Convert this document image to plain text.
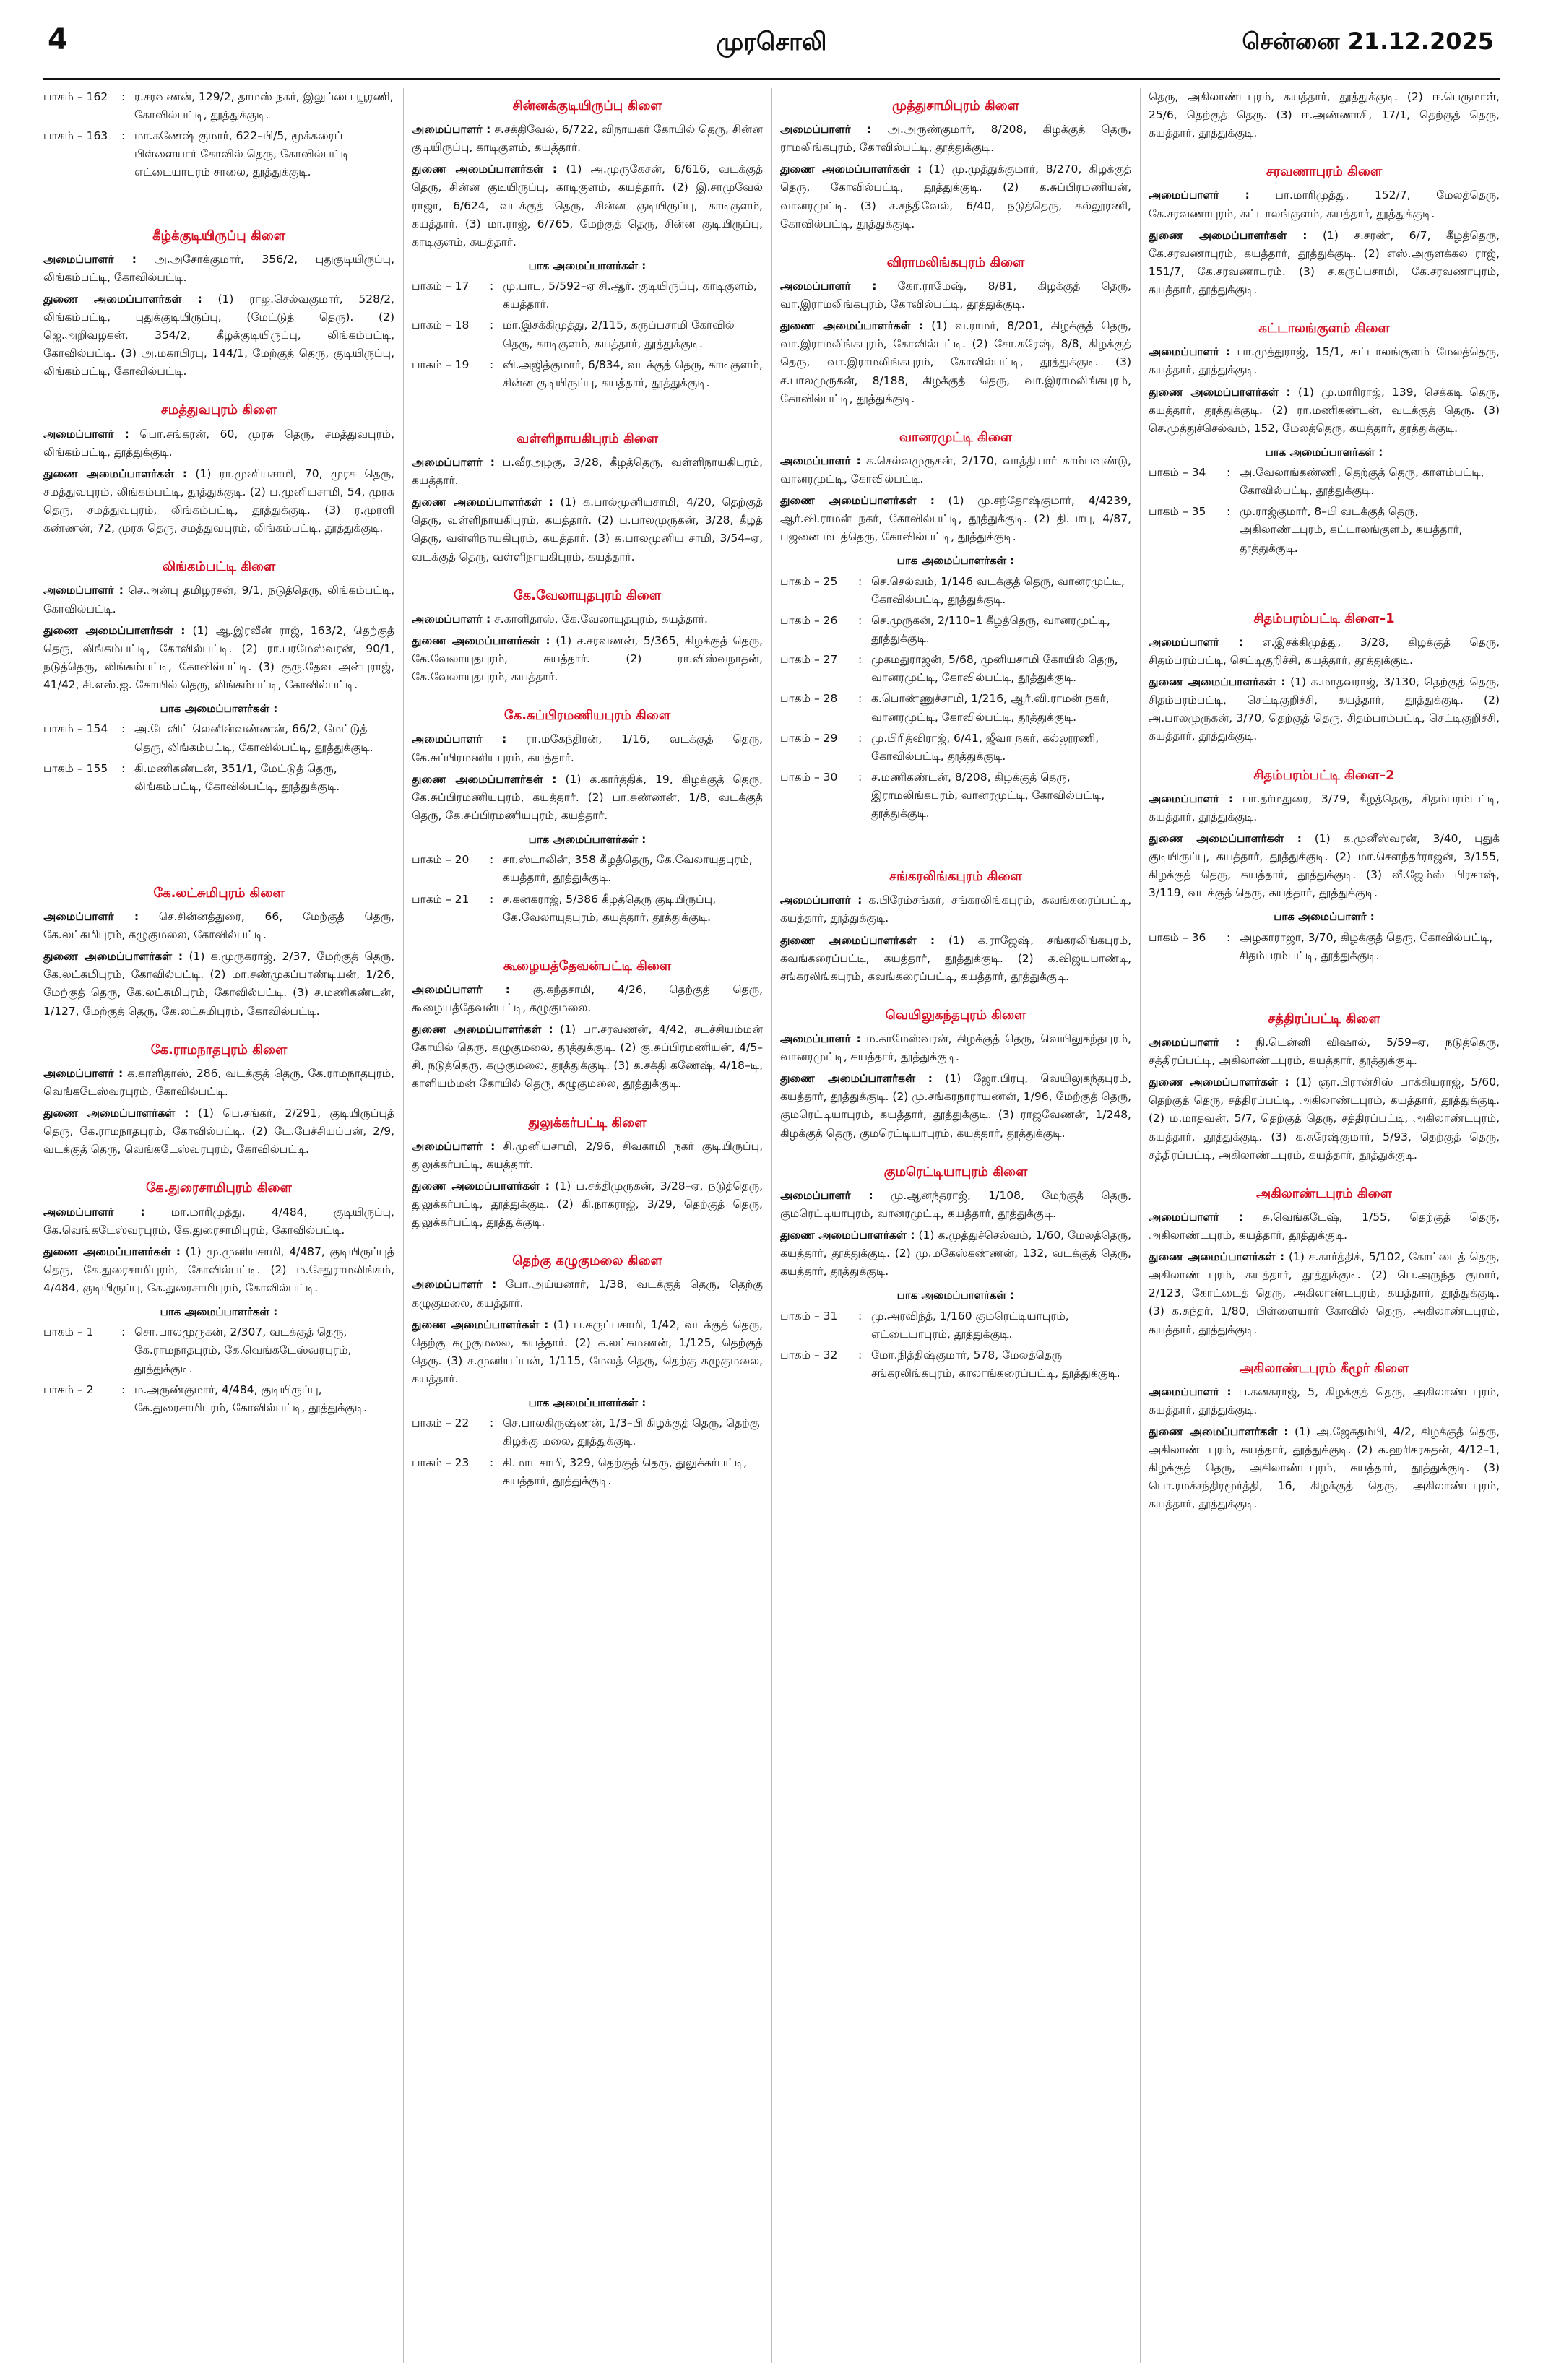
4	முரசொலி	சென்னை 21.12.2025
பாகம் – 162	: ர.சரவணன், 129/2, தாமஸ் நகர், இலுப்பை யூரணி, கோவில்பட்டி, தூத்துக்குடி.
பாகம் – 163	: மா.கணேஷ் குமார், 622–பி/5, மூக்கரைப் பிள்ளையார் கோவில் தெரு, கோவில்பட்டி எட்டையாபுரம் சாலை, தூத்துக்குடி.
கீழ்க்குடியிருப்பு கிளை

அமைப்பாளர் : அ.அசோக்குமார், 356/2, புதுகுடியிருப்பு, லிங்கம்பட்டி, கோவில்பட்டி.

துணை அமைப்பாளர்கள் : (1) ராஜ.செல்வகுமார், 528/2, லிங்கம்பட்டி, புதுக்குடியிருப்பு, (மேட்டுத் தெரு). (2) ஜெ.அறிவழகன், 354/2, கீழக்குடியிருப்பு, லிங்கம்பட்டி, கோவில்பட்டி. (3) அ.மகாபிரபு, 144/1, மேற்குத் தெரு, குடியிருப்பு, லிங்கம்பட்டி, கோவில்பட்டி.

சமத்துவபுரம் கிளை

அமைப்பாளர் : பொ.சங்கரன், 60, முரசு தெரு, சமத்துவபுரம், லிங்கம்பட்டி, தூத்துக்குடி.

துணை அமைப்பாளர்கள் : (1) ரா.முனியசாமி, 70, முரசு தெரு, சமத்துவபுரம், லிங்கம்பட்டி, தூத்துக்குடி. (2) ப.முனியசாமி, 54, முரசு தெரு, சமத்துவபுரம், லிங்கம்பட்டி, தூத்துக்குடி. (3) ர.முரளி கண்ணன், 72, முரசு தெரு, சமத்துவபுரம், லிங்கம்பட்டி, தூத்துக்குடி.

லிங்கம்பட்டி கிளை

அமைப்பாளர் : செ.அன்பு தமிழரசன், 9/1, நடுத்தெரு, லிங்கம்பட்டி, கோவில்பட்டி.

துணை அமைப்பாளர்கள் : (1) ஆ.இரவீன் ராஜ், 163/2, தெற்குத் தெரு, லிங்கம்பட்டி, கோவில்பட்டி. (2) ரா.பரமேஸ்வரன், 90/1, நடுத்தெரு, லிங்கம்பட்டி, கோவில்பட்டி. (3) குரு.தேவ அன்புராஜ், 41/42, சி.எஸ்.ஐ. கோயில் தெரு, லிங்கம்பட்டி, கோவில்பட்டி.

பாக அமைப்பாளர்கள் :
பாகம் – 154	: அ.டேவிட் லெனின்வண்ணன், 66/2, மேட்டுத் தெரு, லிங்கம்பட்டி, கோவில்பட்டி, தூத்துக்குடி.
பாகம் – 155	: கி.மணிகண்டன், 351/1, மேட்டுத் தெரு, லிங்கம்பட்டி, கோவில்பட்டி, தூத்துக்குடி.
கே.லட்சுமிபுரம் கிளை

அமைப்பாளர் : செ.சின்னத்துரை, 66, மேற்குத் தெரு, கே.லட்சுமிபுரம், கழுகுமலை, கோவில்பட்டி.

துணை அமைப்பாளர்கள் : (1) க.முருகராஜ், 2/37, மேற்குத் தெரு, கே.லட்சுமிபுரம், கோவில்பட்டி. (2) மா.சண்முகப்பாண்டியன், 1/26, மேற்குத் தெரு, கே.லட்சுமிபுரம், கோவில்பட்டி. (3) ச.மணிகண்டன், 1/127, மேற்குத் தெரு, கே.லட்சுமிபுரம், கோவில்பட்டி.

கே.ராமநாதபுரம் கிளை

அமைப்பாளர் : க.காளிதாஸ், 286, வடக்குத் தெரு, கே.ராமநாதபுரம், வெங்கடேஸ்வரபுரம், கோவில்பட்டி.

துணை அமைப்பாளர்கள் : (1) பெ.சங்கர், 2/291, குடியிருப்புத் தெரு, கே.ராமநாதபுரம், கோவில்பட்டி. (2) டே.பேச்சியப்பன், 2/9, வடக்குத் தெரு, வெங்கடேஸ்வரபுரம், கோவில்பட்டி.

கே.துரைசாமிபுரம் கிளை

அமைப்பாளர் : மா.மாரிமுத்து, 4/484, குடியிருப்பு, கே.வெங்கடேஸ்வரபுரம், கே.துரைசாமிபுரம், கோவில்பட்டி.

துணை அமைப்பாளர்கள் : (1) மு.முனியசாமி, 4/487, குடியிருப்புத் தெரு, கே.துரைசாமிபுரம், கோவில்பட்டி. (2) ம.சேதுராமலிங்கம், 4/484, குடியிருப்பு, கே.துரைசாமிபுரம், கோவில்பட்டி.

பாக அமைப்பாளர்கள் :
பாகம் – 1	: சொ.பாலமுருகன், 2/307, வடக்குத் தெரு, கே.ராமநாதபுரம், கே.வெங்கடேஸ்வரபுரம், தூத்துக்குடி.
பாகம் – 2	: ம.அருண்குமார், 4/484, குடியிருப்பு, கே.துரைசாமிபுரம், கோவில்பட்டி, தூத்துக்குடி.
சின்னக்குடியிருப்பு கிளை

அமைப்பாளர் : ச.சக்திவேல், 6/722, விநாயகர் கோயில் தெரு, சின்ன குடியிருப்பு, காடிகுளம், கயத்தார்.

துணை அமைப்பாளர்கள் : (1) அ.முருகேசன், 6/616, வடக்குத் தெரு, சின்ன குடியிருப்பு, காடிகுளம், கயத்தார். (2) இ.சாமுவேல் ராஜா, 6/624, வடக்குத் தெரு, சின்ன குடியிருப்பு, காடிகுளம், கயத்தார். (3) மா.ராஜ், 6/765, மேற்குத் தெரு, சின்ன குடியிருப்பு, காடிகுளம், கயத்தார்.

பாக அமைப்பாளர்கள் :
பாகம் – 17	: மு.பாபு, 5/592–ஏ சி.ஆர். குடியிருப்பு, காடிகுளம், கயத்தார்.
பாகம் – 18	: மா.இசக்கிமுத்து, 2/115, கருப்பசாமி கோவில் தெரு, காடிகுளம், கயத்தார், தூத்துக்குடி.
பாகம் – 19	: வி.அஜித்குமார், 6/834, வடக்குத் தெரு, காடிகுளம், சின்ன குடியிருப்பு, கயத்தார், தூத்துக்குடி.
வள்ளிநாயகிபுரம் கிளை

அமைப்பாளர் : ப.வீரஅழகு, 3/28, கீழத்தெரு, வள்ளிநாயகிபுரம், கயத்தார்.

துணை அமைப்பாளர்கள் : (1) க.பால்முனியசாமி, 4/20, தெற்குத் தெரு, வள்ளிநாயகிபுரம், கயத்தார். (2) ப.பாலமுருகன், 3/28, கீழத் தெரு, வள்ளிநாயகிபுரம், கயத்தார். (3) க.பாலமுனிய சாமி, 3/54–ஏ, வடக்குத் தெரு, வள்ளிநாயகிபுரம், கயத்தார்.

கே.வேலாயுதபுரம் கிளை

அமைப்பாளர் : ச.காளிதாஸ், கே.வேலாயுதபுரம், கயத்தார்.

துணை அமைப்பாளர்கள் : (1) ச.சரவணன், 5/365, கிழக்குத் தெரு, கே.வேலாயுதபுரம், கயத்தார். (2) ரா.விஸ்வநாதன், கே.வேலாயுதபுரம், கயத்தார்.

கே.சுப்பிரமணியபுரம் கிளை

அமைப்பாளர் : ரா.மகேந்திரன், 1/16, வடக்குத் தெரு, கே.சுப்பிரமணியபுரம், கயத்தார்.

துணை அமைப்பாளர்கள் : (1) க.கார்த்திக், 19, கிழக்குத் தெரு, கே.சுப்பிரமணியபுரம், கயத்தார். (2) பா.சுண்ணன், 1/8, வடக்குத் தெரு, கே.சுப்பிரமணியபுரம், கயத்தார்.

பாக அமைப்பாளர்கள் :
பாகம் – 20	: சா.ஸ்டாலின், 358 கீழத்தெரு, கே.வேலாயுதபுரம், கயத்தார், தூத்துக்குடி.
பாகம் – 21	: ச.கனகராஜ், 5/386 கீழத்தெரு குடியிருப்பு, கே.வேலாயுதபுரம், கயத்தார், தூத்துக்குடி.
கூழையத்தேவன்பட்டி கிளை

அமைப்பாளர் : கு.கந்தசாமி, 4/26, தெற்குத் தெரு, கூழையத்தேவன்பட்டி, கழுகுமலை.

துணை அமைப்பாளர்கள் : (1) பா.சரவணன், 4/42, சடச்சியம்மன் கோயில் தெரு, கழுகுமலை, தூத்துக்குடி. (2) கு.சுப்பிரமணியன், 4/5–சி, நடுத்தெரு, கழுகுமலை, தூத்துக்குடி. (3) க.சக்தி கணேஷ், 4/18–டி, காளியம்மன் கோயில் தெரு, கழுகுமலை, தூத்துக்குடி.

துலுக்கர்பட்டி கிளை

அமைப்பாளர் : சி.முனியசாமி, 2/96, சிவகாமி நகர் குடியிருப்பு, துலுக்கர்பட்டி, கயத்தார்.

துணை அமைப்பாளர்கள் : (1) ப.சக்திமுருகன், 3/28–ஏ, நடுத்தெரு, துலுக்கர்பட்டி, தூத்துக்குடி. (2) கி.நாகராஜ், 3/29, தெற்குத் தெரு, துலுக்கர்பட்டி, தூத்துக்குடி.

தெற்கு கழுகுமலை கிளை

அமைப்பாளர் : போ.அய்யனார், 1/38, வடக்குத் தெரு, தெற்கு கழுகுமலை, கயத்தார்.

துணை அமைப்பாளர்கள் : (1) ப.கருப்பசாமி, 1/42, வடக்குத் தெரு, தெற்கு கழுகுமலை, கயத்தார். (2) க.லட்சுமணன், 1/125, தெற்குத் தெரு. (3) ச.முனியப்பன், 1/115, மேலத் தெரு, தெற்கு கழுகுமலை, கயத்தார்.

பாக அமைப்பாளர்கள் :
பாகம் – 22	: செ.பாலகிருஷ்ணன், 1/3–பி கிழக்குத் தெரு, தெற்கு கிழக்கு மலை, தூத்துக்குடி.
பாகம் – 23	: கி.மாடசாமி, 329, தெற்குத் தெரு, துலுக்கர்பட்டி, கயத்தார், தூத்துக்குடி.
முத்துசாமிபுரம் கிளை

அமைப்பாளர் : அ.அருண்குமார், 8/208, கிழக்குத் தெரு, ராமலிங்கபுரம், கோவில்பட்டி, தூத்துக்குடி.

துணை அமைப்பாளர்கள் : (1) மு.முத்துக்குமார், 8/270, கிழக்குத் தெரு, கோவில்பட்டி, தூத்துக்குடி. (2) க.சுப்பிரமணியன், வானரமுட்டி. (3) ச.சந்திவேல், 6/40, நடுத்தெரு, கல்லூரணி, கோவில்பட்டி, தூத்துக்குடி.

விராமலிங்கபுரம் கிளை

அமைப்பாளர் : கோ.ராமேஷ், 8/81, கிழக்குத் தெரு, வா.இராமலிங்கபுரம், கோவில்பட்டி, தூத்துக்குடி.

துணை அமைப்பாளர்கள் : (1) வ.ராமர், 8/201, கிழக்குத் தெரு, வா.இராமலிங்கபுரம், கோவில்பட்டி. (2) சோ.சுரேஷ், 8/8, கிழக்குத் தெரு, வா.இராமலிங்கபுரம், கோவில்பட்டி, தூத்துக்குடி. (3) ச.பாலமுருகன், 8/188, கிழக்குத் தெரு, வா.இராமலிங்கபுரம், கோவில்பட்டி, தூத்துக்குடி.

வானரமுட்டி கிளை

அமைப்பாளர் : க.செல்வமுருகன், 2/170, வாத்தியார் காம்பவுண்டு, வானரமுட்டி, கோவில்பட்டி.

துணை அமைப்பாளர்கள் : (1) மு.சந்தோஷ்குமார், 4/4239, ஆர்.வி.ராமன் நகர், கோவில்பட்டி, தூத்துக்குடி. (2) தி.பாபு, 4/87, பஜனை மடத்தெரு, கோவில்பட்டி, தூத்துக்குடி.

பாக அமைப்பாளர்கள் :
பாகம் – 25	: செ.செல்வம், 1/146 வடக்குத் தெரு, வானரமுட்டி, கோவில்பட்டி, தூத்துக்குடி.
பாகம் – 26	: செ.முருகன், 2/110–1 கீழத்தெரு, வானரமுட்டி, தூத்துக்குடி.
பாகம் – 27	: முகமதுராஜன், 5/68, முனியசாமி கோயில் தெரு, வானரமுட்டி, கோவில்பட்டி, தூத்துக்குடி.
பாகம் – 28	: க.பொண்ணுச்சாமி, 1/216, ஆர்.வி.ராமன் நகர், வானரமுட்டி, கோவில்பட்டி, தூத்துக்குடி.
பாகம் – 29	: மு.பிரித்விராஜ், 6/41, ஜீவா நகர், கல்லூரணி, கோவில்பட்டி, தூத்துக்குடி.
பாகம் – 30	: ச.மணிகண்டன், 8/208, கிழக்குத் தெரு, இராமலிங்கபுரம், வானரமுட்டி, கோவில்பட்டி, தூத்துக்குடி.
சங்கரலிங்கபுரம் கிளை

அமைப்பாளர் : க.பிரேம்சங்கர், சங்கரலிங்கபுரம், கவங்கரைப்பட்டி, கயத்தார், தூத்துக்குடி.

துணை அமைப்பாளர்கள் : (1) க.ராஜேஷ், சங்கரலிங்கபுரம், கவங்கரைப்பட்டி, கயத்தார், தூத்துக்குடி. (2) க.விஜயபாண்டி, சங்கரலிங்கபுரம், கவங்கரைப்பட்டி, கயத்தார், தூத்துக்குடி.

வெயிலுகந்தபுரம் கிளை

அமைப்பாளர் : ம.காமேஸ்வரன், கிழக்குத் தெரு, வெயிலுகந்தபுரம், வானரமுட்டி, கயத்தார், தூத்துக்குடி.

துணை அமைப்பாளர்கள் : (1) ஜோ.பிரபு, வெயிலுகந்தபுரம், கயத்தார், தூத்துக்குடி. (2) மு.சங்கரநாராயணன், 1/96, மேற்குத் தெரு, குமரெட்டியாபுரம், கயத்தார், தூத்துக்குடி. (3) ராஜவேணன், 1/248, கிழக்குத் தெரு, குமரெட்டியாபுரம், கயத்தார், தூத்துக்குடி.

குமரெட்டியாபுரம் கிளை

அமைப்பாளர் : மு.ஆனந்தராஜ், 1/108, மேற்குத் தெரு, குமரெட்டியாபுரம், வானரமுட்டி, கயத்தார், தூத்துக்குடி.

துணை அமைப்பாளர்கள் : (1) க.முத்துச்செல்வம், 1/60, மேலத்தெரு, கயத்தார், தூத்துக்குடி. (2) மு.மகேஸ்கண்ணன், 132, வடக்குத் தெரு, கயத்தார், தூத்துக்குடி.

பாக அமைப்பாளர்கள் :
பாகம் – 31	: மு.அரவிந்த், 1/160 குமரெட்டியாபுரம், எட்டையாபுரம், தூத்துக்குடி.
பாகம் – 32	: மோ.நித்திஷ்குமார், 578, மேலத்தெரு சங்கரலிங்கபுரம், காலாங்கரைப்பட்டி, தூத்துக்குடி.

தெரு, அகிலாண்டபுரம், கயத்தார், தூத்துக்குடி. (2) ஈ.பெருமாள், 25/6, தெற்குத் தெரு. (3) ஈ.அண்ணாசி, 17/1, தெற்குத் தெரு, கயத்தார், தூத்துக்குடி.

சரவணாபுரம் கிளை

அமைப்பாளர் : பா.மாரிமுத்து, 152/7, மேலத்தெரு, கே.சரவணாபுரம், கட்டாலங்குளம், கயத்தார், தூத்துக்குடி.

துணை அமைப்பாளர்கள் : (1) ச.சரண், 6/7, கீழத்தெரு, கே.சரவணாபுரம், கயத்தார், தூத்துக்குடி. (2) எஸ்.அருளக்கல ராஜ், 151/7, கே.சரவணாபுரம். (3) ச.கருப்பசாமி, கே.சரவணாபுரம், கயத்தார், தூத்துக்குடி.

கட்டாலங்குளம் கிளை

அமைப்பாளர் : பா.முத்துராஜ், 15/1, கட்டாலங்குளம் மேலத்தெரு, கயத்தார், தூத்துக்குடி.

துணை அமைப்பாளர்கள் : (1) மு.மாரிராஜ், 139, செக்கடி தெரு, கயத்தார், தூத்துக்குடி. (2) ரா.மணிகண்டன், வடக்குத் தெரு. (3) செ.முத்துச்செல்வம், 152, மேலத்தெரு, கயத்தார், தூத்துக்குடி.

பாக அமைப்பாளர்கள் :
பாகம் – 34	: அ.வேலாங்கண்ணி, தெற்குத் தெரு, காளம்பட்டி, கோவில்பட்டி, தூத்துக்குடி.
பாகம் – 35	: மு.ராஜ்குமார், 8–பி வடக்குத் தெரு, அகிலாண்டபுரம், கட்டாலங்குளம், கயத்தார், தூத்துக்குடி.
சிதம்பரம்பட்டி கிளை–1

அமைப்பாளர் : எ.இசக்கிமுத்து, 3/28, கிழக்குத் தெரு, சிதம்பரம்பட்டி, செட்டிகுறிச்சி, கயத்தார், தூத்துக்குடி.

துணை அமைப்பாளர்கள் : (1) க.மாதவராஜ், 3/130, தெற்குத் தெரு, சிதம்பரம்பட்டி, செட்டிகுறிச்சி, கயத்தார், தூத்துக்குடி. (2) அ.பாலமுருகன், 3/70, தெற்குத் தெரு, சிதம்பரம்பட்டி, செட்டிகுறிச்சி, கயத்தார், தூத்துக்குடி.

சிதம்பரம்பட்டி கிளை–2

அமைப்பாளர் : பா.தர்மதுரை, 3/79, கீழத்தெரு, சிதம்பரம்பட்டி, கயத்தார், தூத்துக்குடி.

துணை அமைப்பாளர்கள் : (1) க.முனீஸ்வரன், 3/40, புதுக் குடியிருப்பு, கயத்தார், தூத்துக்குடி. (2) மா.செளந்தர்ராஜன், 3/155, கிழக்குத் தெரு, கயத்தார், தூத்துக்குடி. (3) வீ.ஜேம்ஸ் பிரகாஷ், 3/119, வடக்குத் தெரு, கயத்தார், தூத்துக்குடி.

பாக அமைப்பாளர் :
பாகம் – 36	: அழகாராஜா, 3/70, கிழக்குத் தெரு, கோவில்பட்டி, சிதம்பரம்பட்டி, தூத்துக்குடி.
சத்திரப்பட்டி கிளை

அமைப்பாளர் : நி.டென்னி விஷால், 5/59–ஏ, நடுத்தெரு, சத்திரப்பட்டி, அகிலாண்டபுரம், கயத்தார், தூத்துக்குடி.

துணை அமைப்பாளர்கள் : (1) ஞா.பிரான்சிஸ் பாக்கியராஜ், 5/60, தெற்குத் தெரு, சத்திரப்பட்டி, அகிலாண்டபுரம், கயத்தார், தூத்துக்குடி. (2) ம.மாதவன், 5/7, தெற்குத் தெரு, சத்திரப்பட்டி, அகிலாண்டபுரம், கயத்தார், தூத்துக்குடி. (3) க.சுரேஷ்குமார், 5/93, தெற்குத் தெரு, சத்திரப்பட்டி, அகிலாண்டபுரம், கயத்தார், தூத்துக்குடி.

அகிலாண்டபுரம் கிளை

அமைப்பாளர் : சு.வெங்கடேஷ், 1/55, தெற்குத் தெரு, அகிலாண்டபுரம், கயத்தார், தூத்துக்குடி.

துணை அமைப்பாளர்கள் : (1) ச.கார்த்திக், 5/102, கோட்டைத் தெரு, அகிலாண்டபுரம், கயத்தார், தூத்துக்குடி. (2) பெ.அருந்த குமார், 2/123, கோட்டைத் தெரு, அகிலாண்டபுரம், கயத்தார், தூத்துக்குடி. (3) க.சுந்தர், 1/80, பிள்ளையார் கோவில் தெரு, அகிலாண்டபுரம், கயத்தார், தூத்துக்குடி.

அகிலாண்டபுரம் கீழூர் கிளை

அமைப்பாளர் : ப.கனகராஜ், 5, கிழக்குத் தெரு, அகிலாண்டபுரம், கயத்தார், தூத்துக்குடி.

துணை அமைப்பாளர்கள் : (1) அ.ஜேசுதம்பி, 4/2, கிழக்குத் தெரு, அகிலாண்டபுரம், கயத்தார், தூத்துக்குடி. (2) க.ஹரிகரசுதன், 4/12–1, கிழக்குத் தெரு, அகிலாண்டபுரம், கயத்தார், தூத்துக்குடி. (3) பொ.ரமச்சந்திரமூர்த்தி, 16, கிழக்குத் தெரு, அகிலாண்டபுரம், கயத்தார், தூத்துக்குடி.
